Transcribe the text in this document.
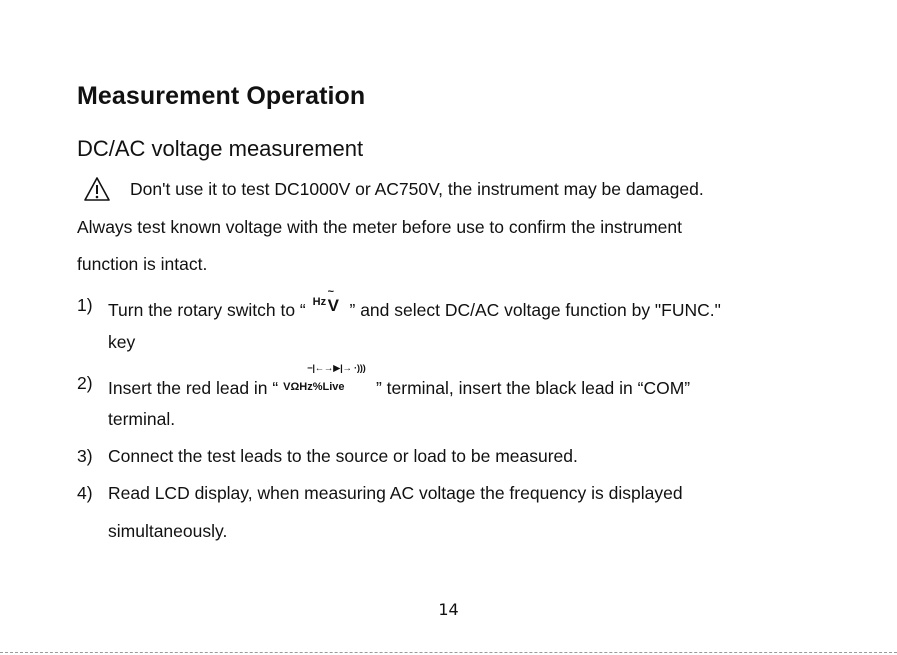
Measurement Operation
DC/AC voltage measurement
Don't use it to test DC1000V or AC750V, the instrument may be damaged.
Always test known voltage with the meter before use to confirm the instrument
function is intact.
1) Turn the rotary switch to “ Hz
~
V ” and select DC/AC voltage function by "FUNC."
key
2) Insert the red lead in “
−|←→▶|→ ·)))
VΩHz%Live ” terminal, insert the black lead in “COM”
terminal.
3) Connect the test leads to the source or load to be measured.
4) Read LCD display, when measuring AC voltage the frequency is displayed
simultaneously.
14
